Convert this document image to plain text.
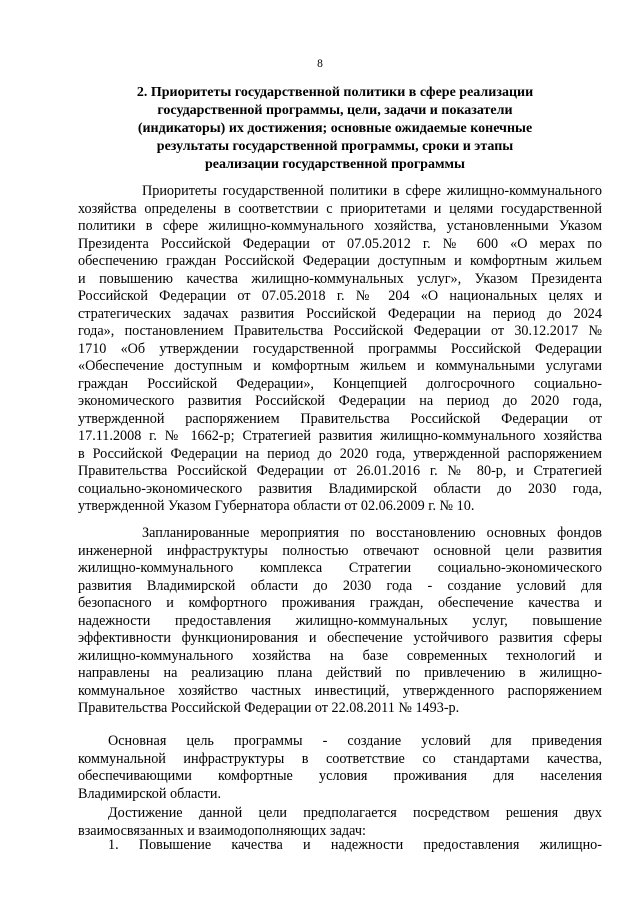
8
2. Приоритеты государственной политики в сфере реализации
государственной программы, цели, задачи и показатели
(индикаторы) их достижения; основные ожидаемые конечные
результаты государственной программы, сроки и этапы
реализации государственной программы
Приоритеты государственной политики в сфере жилищно-коммунального
хозяйства определены в соответствии с приоритетами и целями государственной
политики в сфере жилищно-коммунального хозяйства, установленными Указом
Президента Российской Федерации от 07.05.2012 г. № 600 «О мерах по
обеспечению граждан Российской Федерации доступным и комфортным жильем
и повышению качества жилищно-коммунальных услуг», Указом Президента
Российской Федерации от 07.05.2018 г. № 204 «О национальных целях и
стратегических задачах развития Российской Федерации на период до 2024
года», постановлением Правительства Российской Федерации от 30.12.2017 №
1710 «Об утверждении государственной программы Российской Федерации
«Обеспечение доступным и комфортным жильем и коммунальными услугами
граждан Российской Федерации», Концепцией долгосрочного социально-
экономического развития Российской Федерации на период до 2020 года,
утвержденной распоряжением Правительства Российской Федерации от
17.11.2008 г. № 1662-р; Стратегией развития жилищно-коммунального хозяйства
в Российской Федерации на период до 2020 года, утвержденной распоряжением
Правительства Российской Федерации от 26.01.2016 г. № 80-р, и Стратегией
социально-экономического развития Владимирской области до 2030 года,
утвержденной Указом Губернатора области от 02.06.2009 г. № 10.
Запланированные мероприятия по восстановлению основных фондов
инженерной инфраструктуры полностью отвечают основной цели развития
жилищно-коммунального комплекса Стратегии социально-экономического
развития Владимирской области до 2030 года - создание условий для
безопасного и комфортного проживания граждан, обеспечение качества и
надежности предоставления жилищно-коммунальных услуг, повышение
эффективности функционирования и обеспечение устойчивого развития сферы
жилищно-коммунального хозяйства на базе современных технологий и
направлены на реализацию плана действий по привлечению в жилищно-
коммунальное хозяйство частных инвестиций, утвержденного распоряжением
Правительства Российской Федерации от 22.08.2011 № 1493-р.
Основная цель программы - создание условий для приведения
коммунальной инфраструктуры в соответствие со стандартами качества,
обеспечивающими комфортные условия проживания для населения
Владимирской области.
Достижение данной цели предполагается посредством решения двух
взаимосвязанных и взаимодополняющих задач:
1. Повышение качества и надежности предоставления жилищно-
